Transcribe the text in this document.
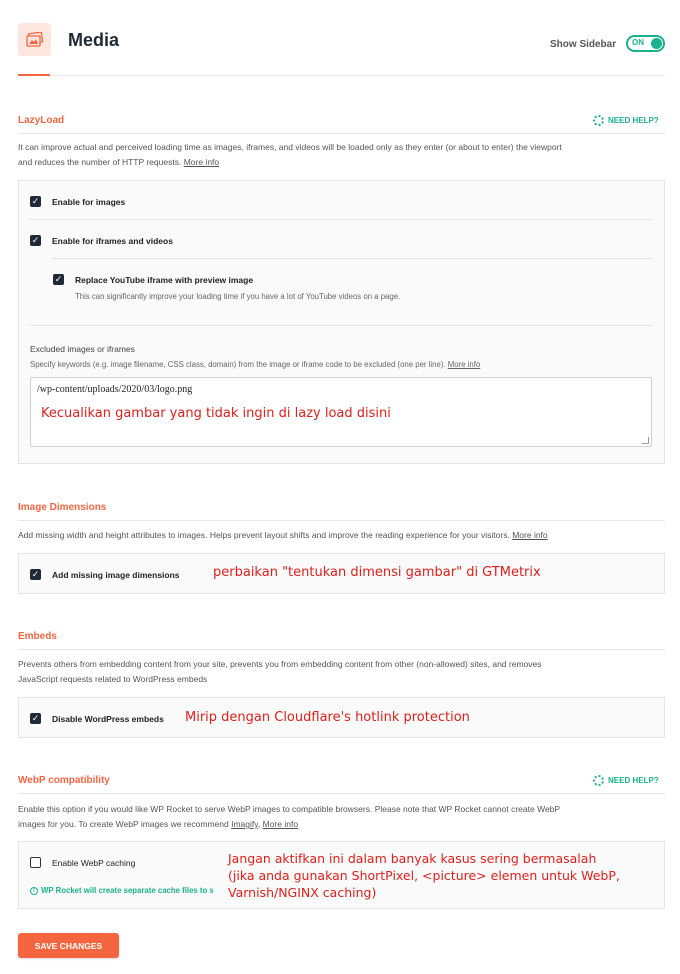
Media	Show Sidebar ON
LazyLoad	NEED HELP?
It can improve actual and perceived loading time as images, iframes, and videos will be loaded only as they enter (or about to enter) the viewport
and reduces the number of HTTP requests. More info
✓ Enable for images
✓ Enable for iframes and videos
✓ Replace YouTube iframe with preview image
This can significantly improve your loading time if you have a lot of YouTube videos on a page.
Excluded images or iframes
Specify keywords (e.g. image filename, CSS class, domain) from the image or iframe code to be excluded (one per line). More info
/wp-content/uploads/2020/03/logo.png
Kecualikan gambar yang tidak ingin di lazy load disini
Image Dimensions
Add missing width and height attributes to images. Helps prevent layout shifts and improve the reading experience for your visitors. More info
✓ Add missing image dimensions	perbaikan "tentukan dimensi gambar" di GTMetrix
Embeds
Prevents others from embedding content from your site, prevents you from embedding content from other (non-allowed) sites, and removes
JavaScript requests related to WordPress embeds
✓ Disable WordPress embeds Mirip dengan Cloudflare's hotlink protection
WebP compatibility	NEED HELP?
Enable this option if you would like WP Rocket to serve WebP images to compatible browsers. Please note that WP Rocket cannot create WebP
images for you. To create WebP images we recommend Imagify, More info
Enable WebP caching
! WP Rocket will create separate cache files to s
Jangan aktifkan ini dalam banyak kasus sering bermasalah
(jika anda gunakan ShortPixel, <picture> elemen untuk WebP,
Varnish/NGINX caching)
SAVE CHANGES
